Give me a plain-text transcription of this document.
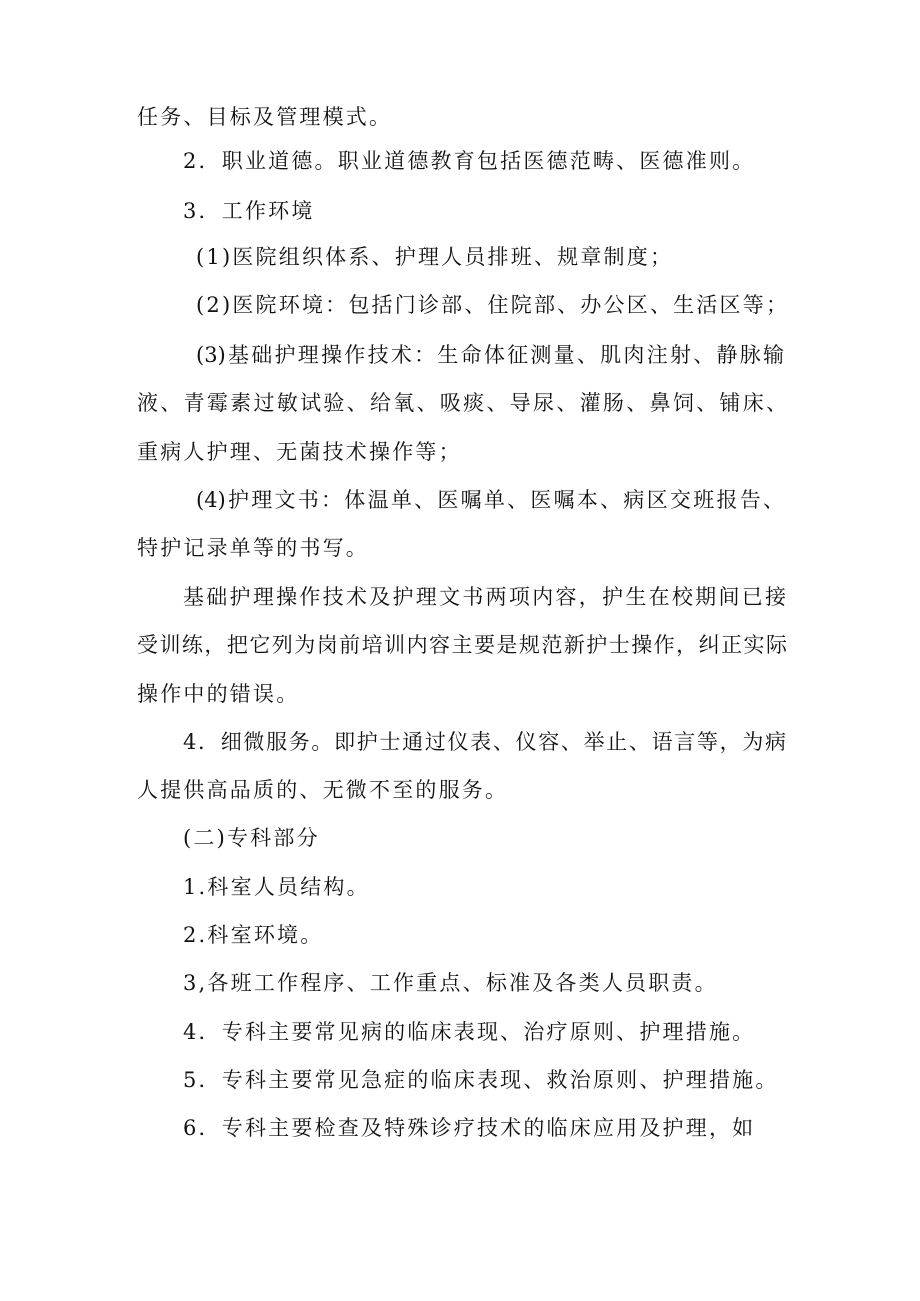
任务、目标及管理模式。
2．职业道德。职业道德教育包括医德范畴、医德准则。
3．工作环境
(1)医院组织体系、护理人员排班、规章制度；
(2)医院环境：包括门诊部、住院部、办公区、生活区等；
(3)基础护理操作技术：生命体征测量、肌肉注射、静脉输
液、青霉素过敏试验、给氧、吸痰、导尿、灌肠、鼻饲、铺床、
重病人护理、无菌技术操作等；
(4)护理文书：体温单、医嘱单、医嘱本、病区交班报告、
特护记录单等的书写。
基础护理操作技术及护理文书两项内容，护生在校期间已接
受训练，把它列为岗前培训内容主要是规范新护士操作，纠正实际
操作中的错误。
4．细微服务。即护士通过仪表、仪容、举止、语言等，为病
人提供高品质的、无微不至的服务。
(二)专科部分
1.科室人员结构。
2.科室环境。
3,各班工作程序、工作重点、标准及各类人员职责。
4．专科主要常见病的临床表现、治疗原则、护理措施。
5．专科主要常见急症的临床表现、救治原则、护理措施。
6．专科主要检查及特殊诊疗技术的临床应用及护理，如
